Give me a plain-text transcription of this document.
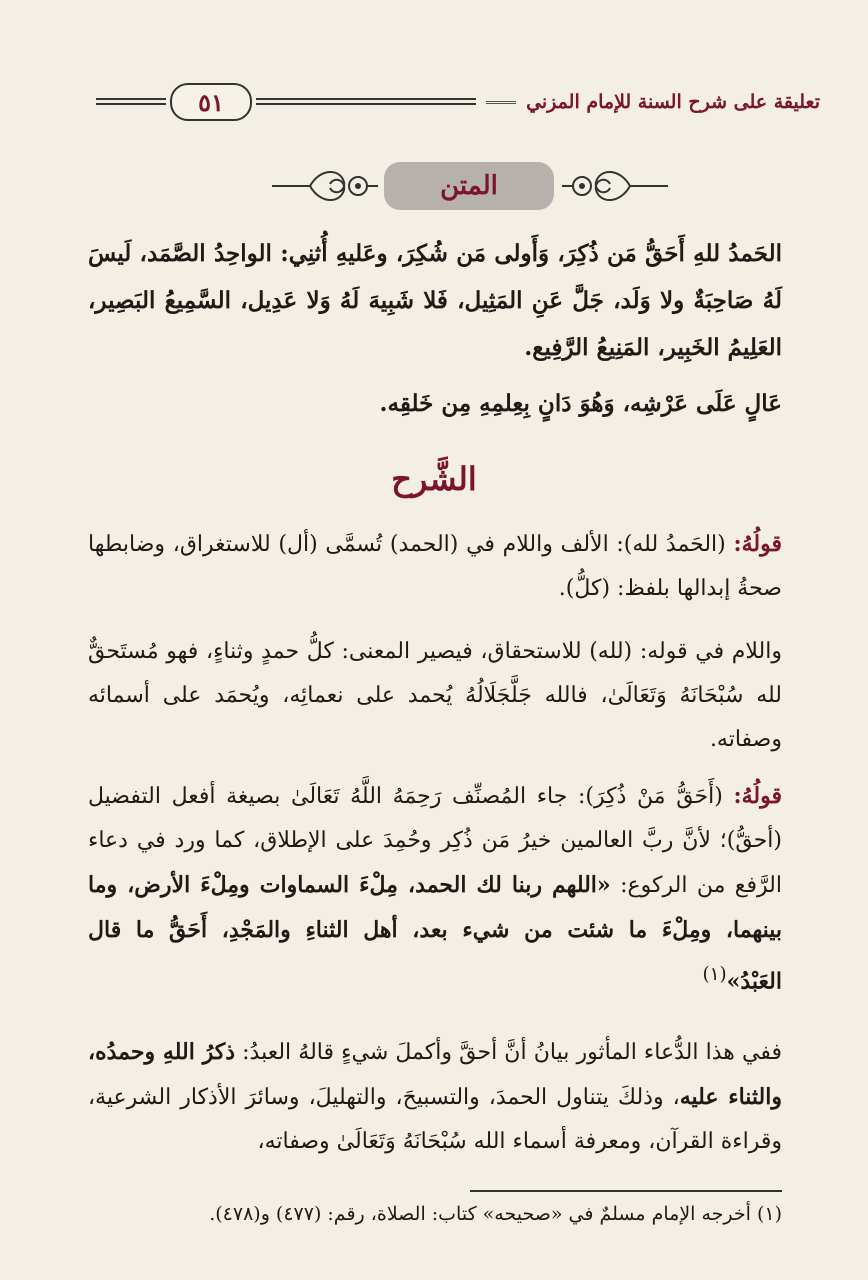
تعليقة على شرح السنة للإمام المزني
٥١
المتن
الحَمدُ للهِ أَحَقُّ مَن ذُكِرَ، وَأَولى مَن شُكِرَ، وعَليهِ أُثنِي: الواحِدُ الصَّمَد، لَيسَ لَهُ صَاحِبَةٌ ولا وَلَد، جَلَّ عَنِ المَثِيل، فَلا شَبِيهَ لَهُ وَلا عَدِيل، السَّمِيعُ البَصِير، العَلِيمُ الخَبِير، المَنِيعُ الرَّفِيع.
عَالٍ عَلَى عَرْشِه، وَهُوَ دَانٍ بِعِلمِهِ مِن خَلقِه.
الشَّرح
قولُهُ: (الحَمدُ لله): الألف واللام في (الحمد) تُسمَّى (أل) للاستغراق، وضابطها صحةُ إبدالها بلفظ: (كلُّ).
واللام في قوله: (لله) للاستحقاق، فيصير المعنى: كلُّ حمدٍ وثناءٍ، فهو مُستَحقٌّ لله سُبْحَانَهُ وَتَعَالَىٰ، فالله جَلَّجَلَالُهُ يُحمد على نعمائِه، ويُحمَد على أسمائه وصفاته.
قولُهُ: (أَحَقُّ مَنْ ذُكِرَ): جاء المُصنِّف رَحِمَهُ اللَّهُ تَعَالَىٰ بصيغة أفعل التفضيل (أحقُّ)؛ لأنَّ ربَّ العالمين خيرُ مَن ذُكِر وحُمِدَ على الإطلاق، كما ورد في دعاء الرَّفع من الركوع: «اللهم ربنا لك الحمد، مِلْءَ السماوات ومِلْءَ الأرض، وما بينهما، ومِلْءَ ما شئت من شيء بعد، أهل الثناءِ والمَجْدِ، أَحَقُّ ما قال العَبْدُ»$^{(١)}$
ففي هذا الدُّعاء المأثور بيانُ أنَّ أحقَّ وأكملَ شيءٍ قالهُ العبدُ: ذكرُ اللهِ وحمدُه، والثناء عليه، وذلكَ يتناول الحمدَ، والتسبيحَ، والتهليلَ، وسائرَ الأذكار الشرعية، وقراءة القرآن، ومعرفة أسماء الله سُبْحَانَهُ وَتَعَالَىٰ وصفاته،
(١) أخرجه الإمام مسلمٌ في «صحيحه» كتاب: الصلاة، رقم: (٤٧٧) و(٤٧٨).
